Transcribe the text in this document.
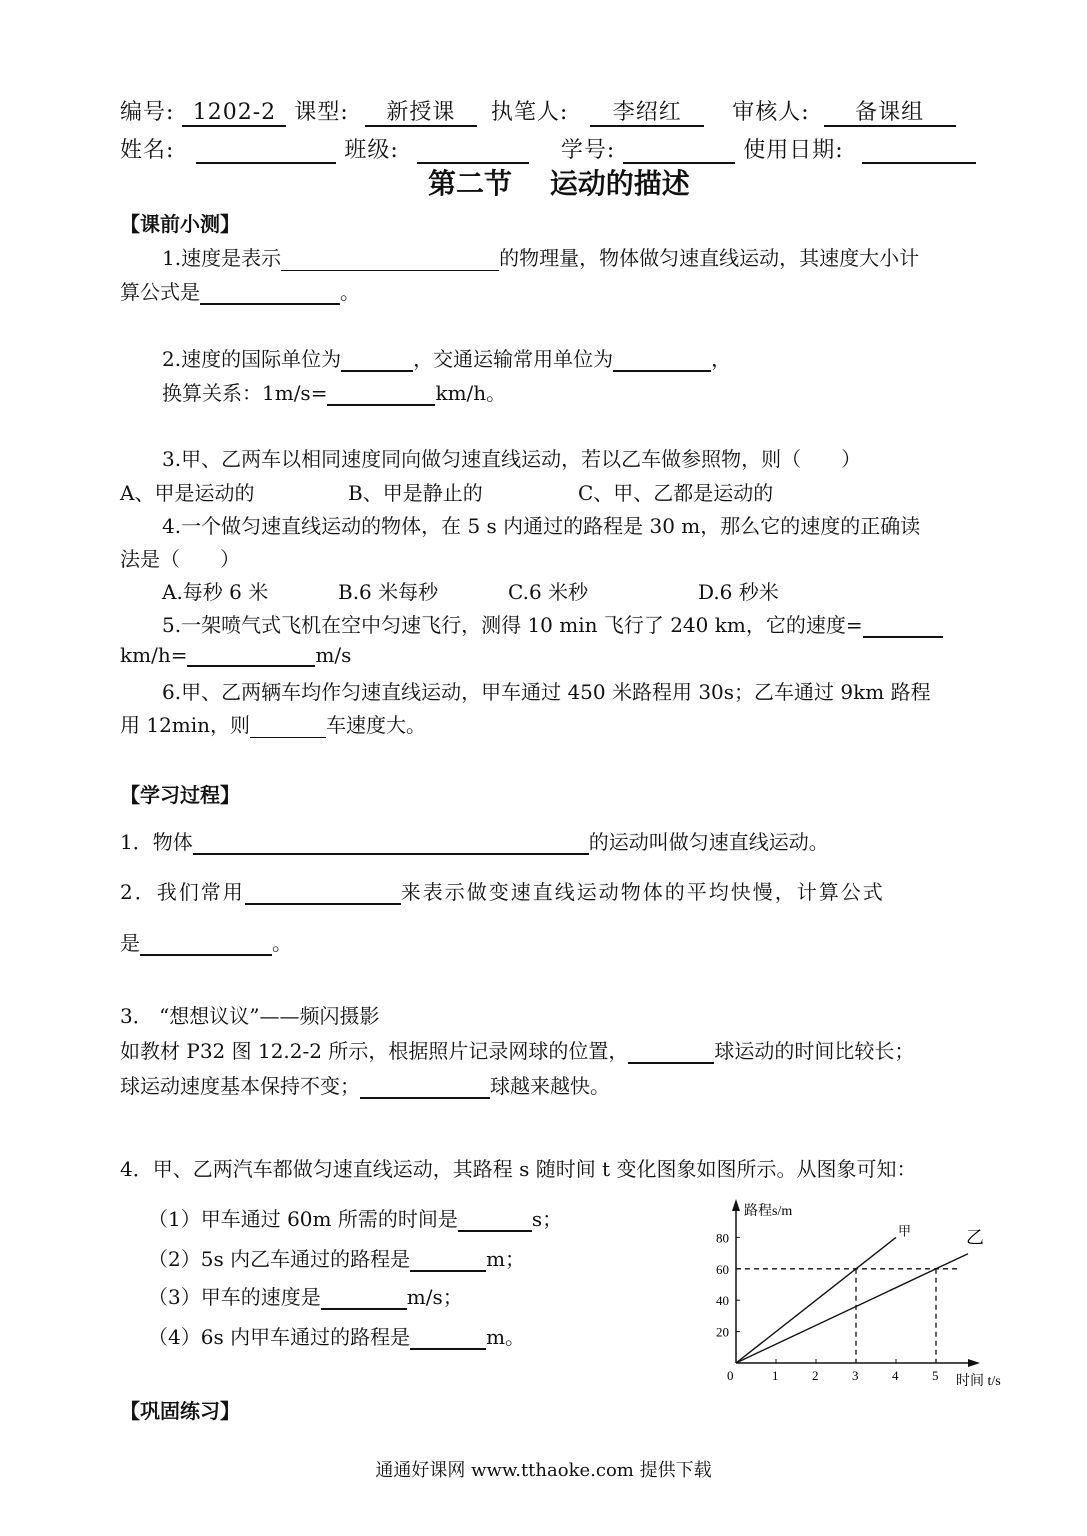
编号: 1202-2 课型: 新授课 执笔人: 李绍红 审核人: 备课组
姓名:	班级:	学号:	使用日期:
第二节　 运动的描述
【课前小测】
1.速度是表示	的物理量，物体做匀速直线运动，其速度大小计
算公式是	。
2.速度的国际单位为	，交通运输常用单位为	，
换算关系：1m/s=	km/h。
3.甲、乙两车以相同速度同向做匀速直线运动，若以乙车做参照物，则（　　）
A、甲是运动的	B、甲是静止的	C、甲、乙都是运动的
4.一个做匀速直线运动的物体，在 5 s 内通过的路程是 30 m，那么它的速度的正确读
法是（　　）
A.每秒 6 米	B.6 米每秒	C.6 米秒	D.6 秒米
5.一架喷气式飞机在空中匀速飞行，测得 10 min 飞行了 240 km，它的速度=
km/h=	m/s
6.甲、乙两辆车均作匀速直线运动，甲车通过 450 米路程用 30s；乙车通过 9km 路程
用 12min，则	车速度大。
【学习过程】
1．物体	的运动叫做匀速直线运动。
2．我们常用	来表示做变速直线运动物体的平均快慢，计算公式
是	。
3． “想想议议”——频闪摄影
如教材 P32 图 12.2-2 所示，根据照片记录网球的位置，	球运动的时间比较长；
球运动速度基本保持不变；	球越来越快。
4．甲、乙两汽车都做匀速直线运动，其路程 s 随时间 t 变化图象如图所示。从图象可知：
（1）甲车通过 60m 所需的时间是	s；
（2）5s 内乙车通过的路程是	m；
（3）甲车的速度是	m/s；
（4）6s 内甲车通过的路程是	m。
路程s/m
时间 t/s
0	1	2	3	4	5
20
40
60
80	甲	乙
【巩固练习】
通通好课网 www.tthaoke.com 提供下载
